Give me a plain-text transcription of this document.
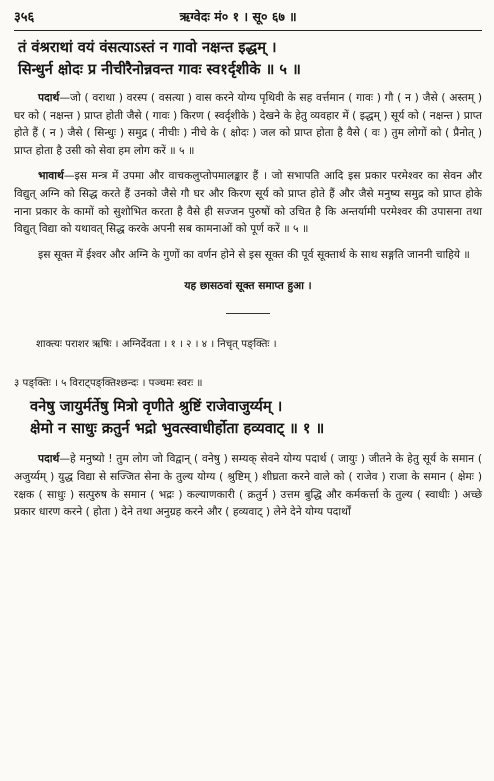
३५६	ऋग्वेदः मं० १ । सू० ६७ ॥
तं वंश्रराथां वयं वंसत्याऽस्तं न गावो नक्षन्त इद्धम् ।
सिन्धुर्न क्षोदः प्र नीचीरैनोन्नवन्त गावः स्व१र्दृशीके ॥ ५ ॥

पदार्थ—जो ( वराथा ) वरस्प ( वसत्या ) वास करने योग्य पृथिवी के सह वर्त्तमान ( गावः ) गौ ( न ) जैसे ( अस्तम् ) घर को ( नक्षन्त ) प्राप्त होती जैसे ( गावः ) किरण ( स्वर्दृशीके ) देखने के हेतु व्यवहार में ( इद्धम् ) सूर्य को ( नक्षन्त ) प्राप्त होते हैं ( न ) जैसे ( सिन्धुः ) समुद्र ( नीचीः ) नीचे के ( क्षोदः ) जल को प्राप्त होता है वैसे ( वः ) तुम लोगों को ( प्रैनोत् ) प्राप्त होता है उसी को सेवा हम लोग करें ॥ ५ ॥

भावार्थ—इस मन्त्र में उपमा और वाचकलुप्तोपमालङ्कार हैं । जो सभापति आदि इस प्रकार परमेश्वर का सेवन और विद्युत् अग्नि को सिद्ध करते हैं उनको जैसे गौ घर और किरण सूर्य को प्राप्त होते हैं और जैसे मनुष्य समुद्र को प्राप्त होके नाना प्रकार के कामों को सुशोभित करता है वैसे ही सज्जन पुरुषों को उचित है कि अन्तर्यामी परमेश्वर की उपासना तथा विद्युत् विद्या को यथावत् सिद्ध करके अपनी सब कामनाओं को पूर्ण करें ॥ ५ ॥

इस सूक्त में ईश्वर और अग्नि के गुणों का वर्णन होने से इस सूक्त की पूर्व सूक्तार्थ के साथ सङ्गति जाननी चाहिये ॥

यह छासठवां सूक्त समाप्त हुआ ।
शाक्त्यः पराशर ऋषिः । अग्निर्देवता । १ । २ । ४ । निचृत् पङ्क्तिः ।
३ पङ्क्तिः । ५ विराट्पङ्क्तिश्छन्दः । पञ्चमः स्वरः ॥
वनेषु जायुर्मर्तेषु मित्रो वृणीते श्रुष्टिं राजेवाजुर्य्यम् ।
क्षेमो न साधुः क्रतुर्न भद्रो भुवत्स्वाधीर्होता हव्यवाट् ॥ १ ॥

पदार्थ—हे मनुष्यो ! तुम लोग जो विद्वान् ( वनेषु ) सम्यक् सेवने योग्य पदार्थ ( जायुः ) जीतने के हेतु सूर्य के समान ( अजुर्य्यम् ) युद्ध विद्या से सज्जित सेना के तुल्य योग्य ( श्रुष्टिम् ) शीघ्रता करने वाले को ( राजेव ) राजा के समान ( क्षेमः ) रक्षक ( साधुः ) सत्पुरुष के समान ( भद्रः ) कल्याणकारी ( क्रतुर्न ) उत्तम बुद्धि और कर्मकर्त्ता के तुल्य ( स्वाधीः ) अच्छे प्रकार धारण करने ( होता ) देने तथा अनुग्रह करने और ( हव्यवाट् ) लेने देने योग्य पदार्थों
